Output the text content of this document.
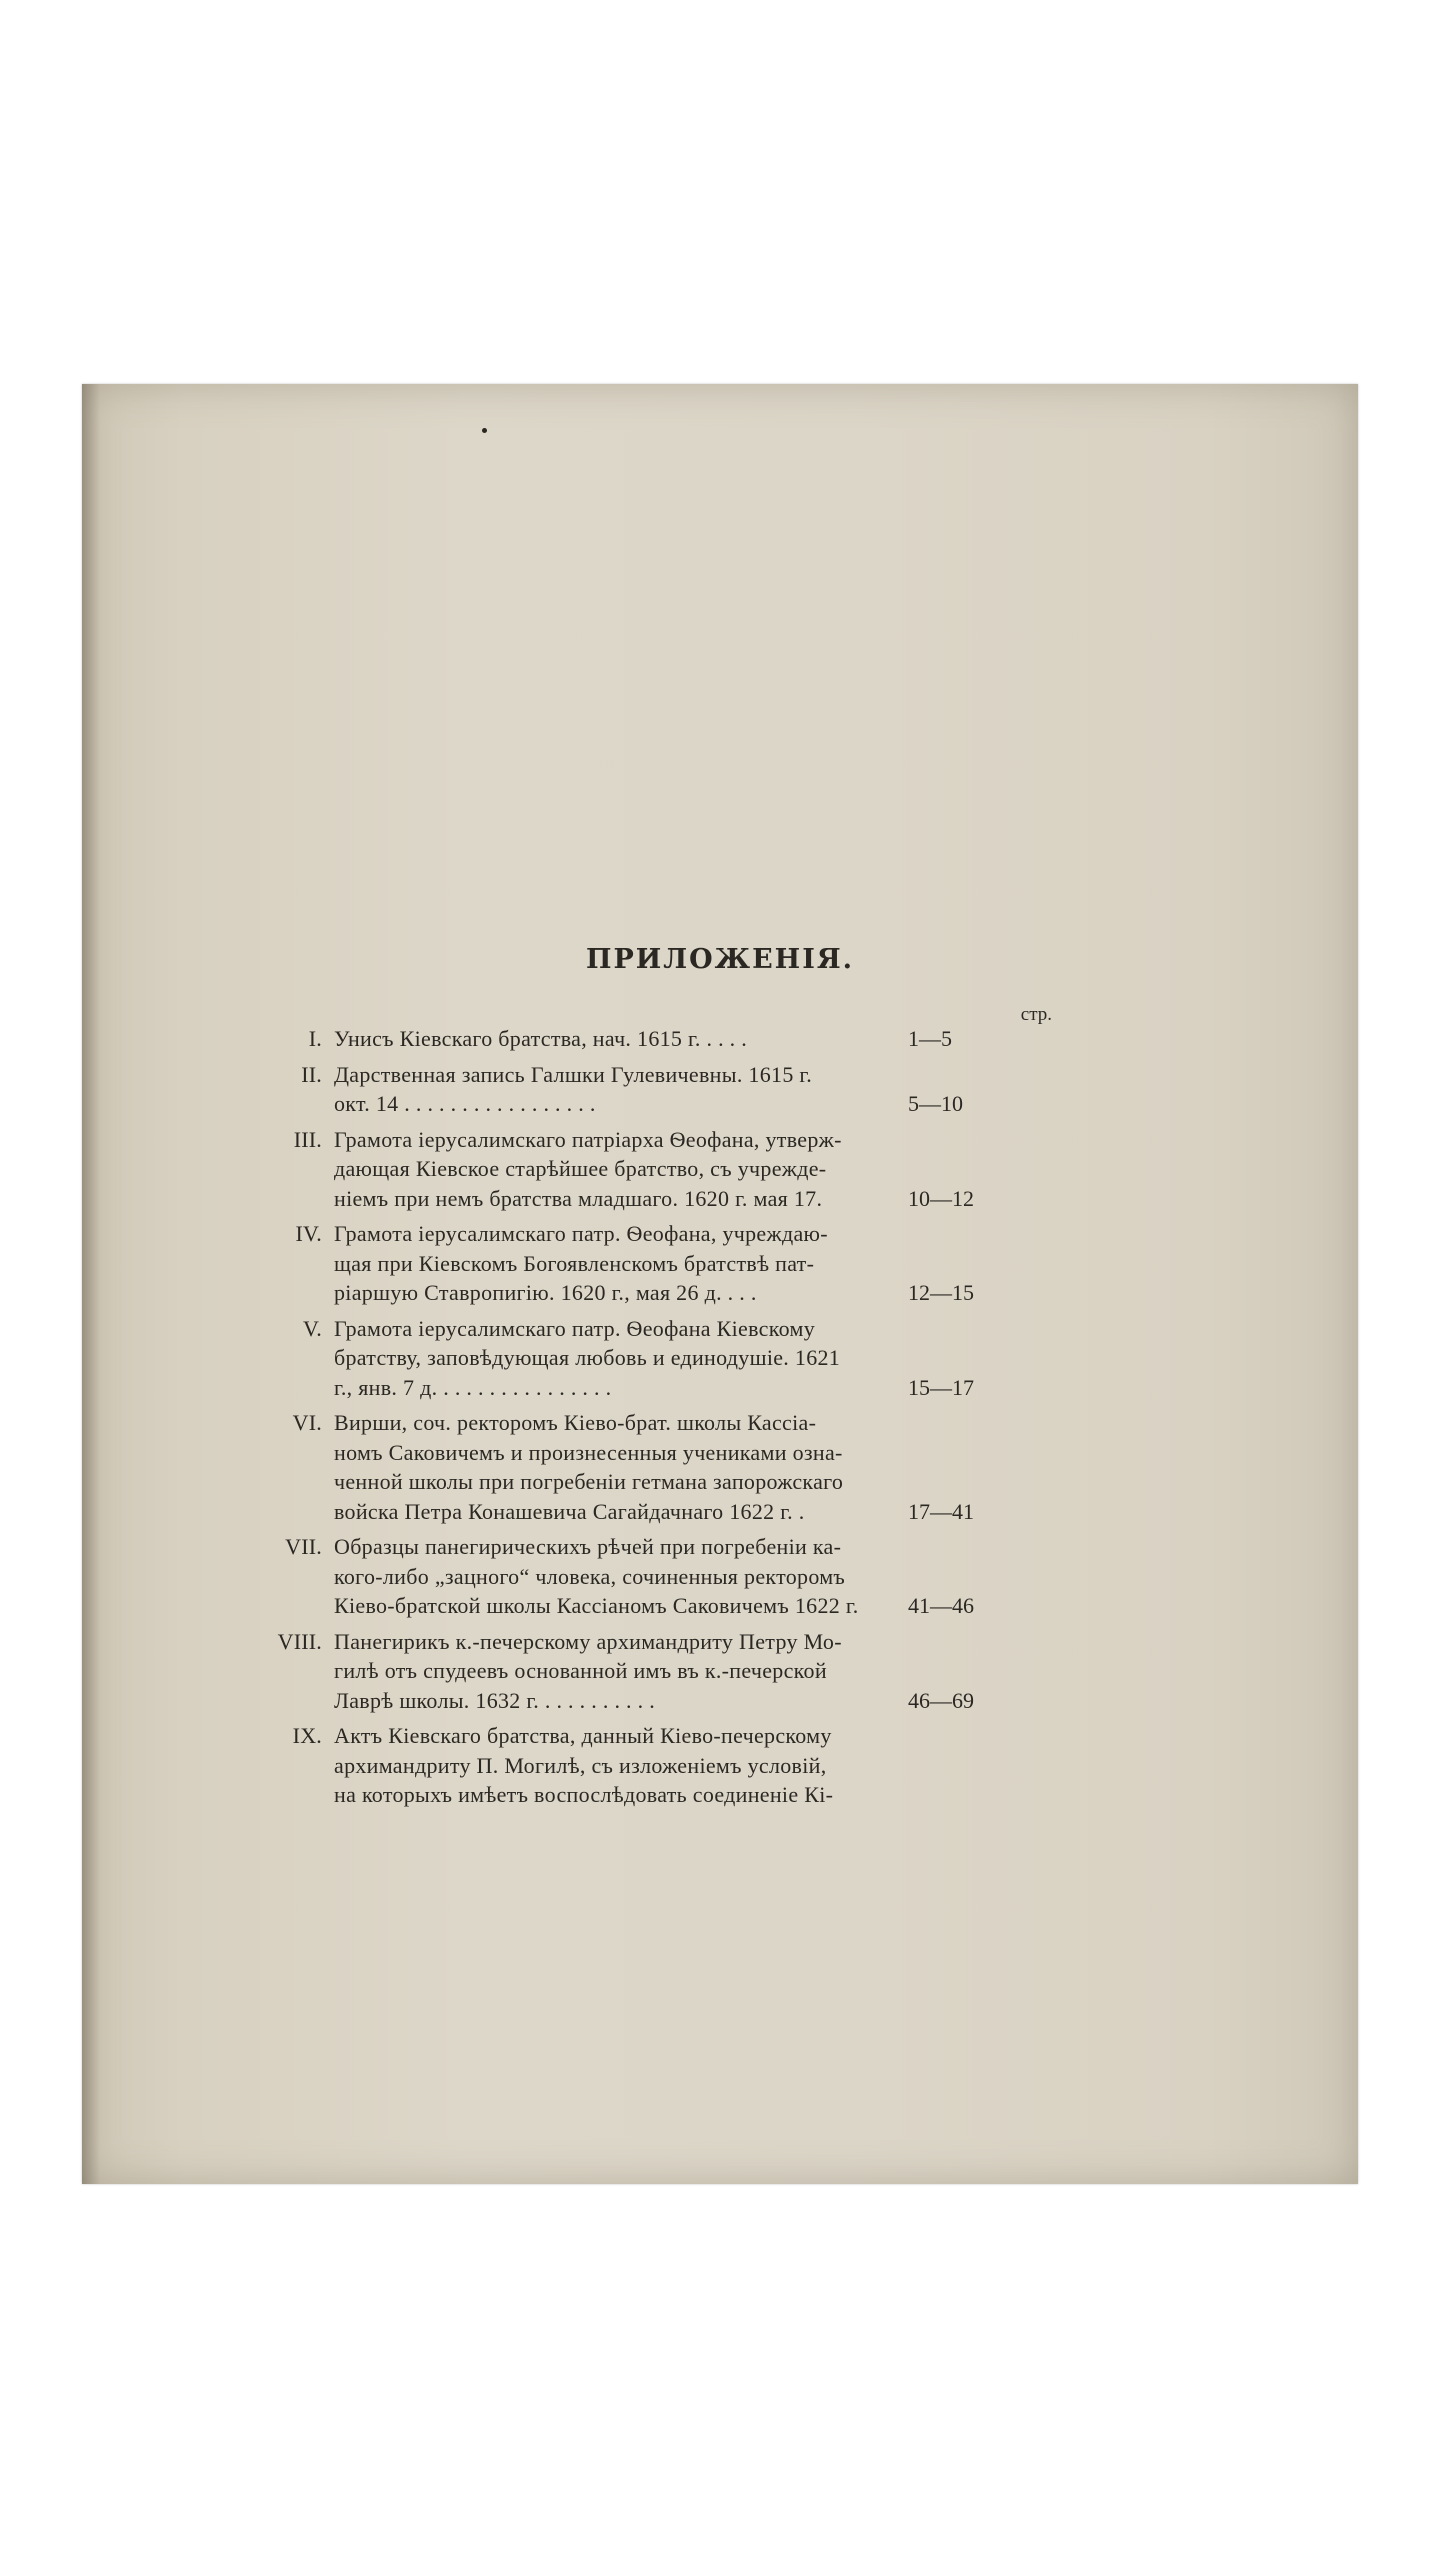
ПРИЛОЖЕНІЯ.
стр.
I. Унисъ Кіевскаго братства, нач. 1615 г. . . . .	1—5
II. Дарственная запись Галшки Гулевичевны. 1615 г.
окт. 14 . . . . . . . . . . . . . . . . .	5—10
III. Грамота іерусалимскаго патріарха Ѳеофана, утверж-
дающая Кіевское старѣйшее братство, съ учрежде-
ніемъ при немъ братства младшаго. 1620 г. мая 17.	10—12
IV. Грамота іерусалимскаго патр. Ѳеофана, учреждаю-
щая при Кіевскомъ Богоявленскомъ братствѣ пат-
ріаршую Ставропигію. 1620 г., мая 26 д. . . .	12—15
V. Грамота іерусалимскаго патр. Ѳеофана Кіевскому
братству, заповѣдующая любовь и единодушіе. 1621
г., янв. 7 д. . . . . . . . . . . . . . . .	15—17
VI. Вирши, соч. ректоромъ Кіево-брат. школы Кассіа-
номъ Саковичемъ и произнесенныя учениками озна-
ченной школы при погребеніи гетмана запорожскаго
войска Петра Конашевича Сагайдачнаго 1622 г. .	17—41
VII. Образцы панегирическихъ рѣчей при погребеніи ка-
кого-либо „зацного“ чловека, сочиненныя ректоромъ
Кіево-братской школы Кассіаномъ Саковичемъ 1622 г.	41—46
VIII. Панегирикъ к.-печерскому архимандриту Петру Мо-
гилѣ отъ спудеевъ основанной имъ въ к.-печерской
Лаврѣ школы. 1632 г. . . . . . . . . . .	46—69
IX. Актъ Кіевскаго братства, данный Кіево-печерскому
архимандриту П. Могилѣ, съ изложеніемъ условій,
на которыхъ имѣетъ воспослѣдовать соединеніе Кі-
